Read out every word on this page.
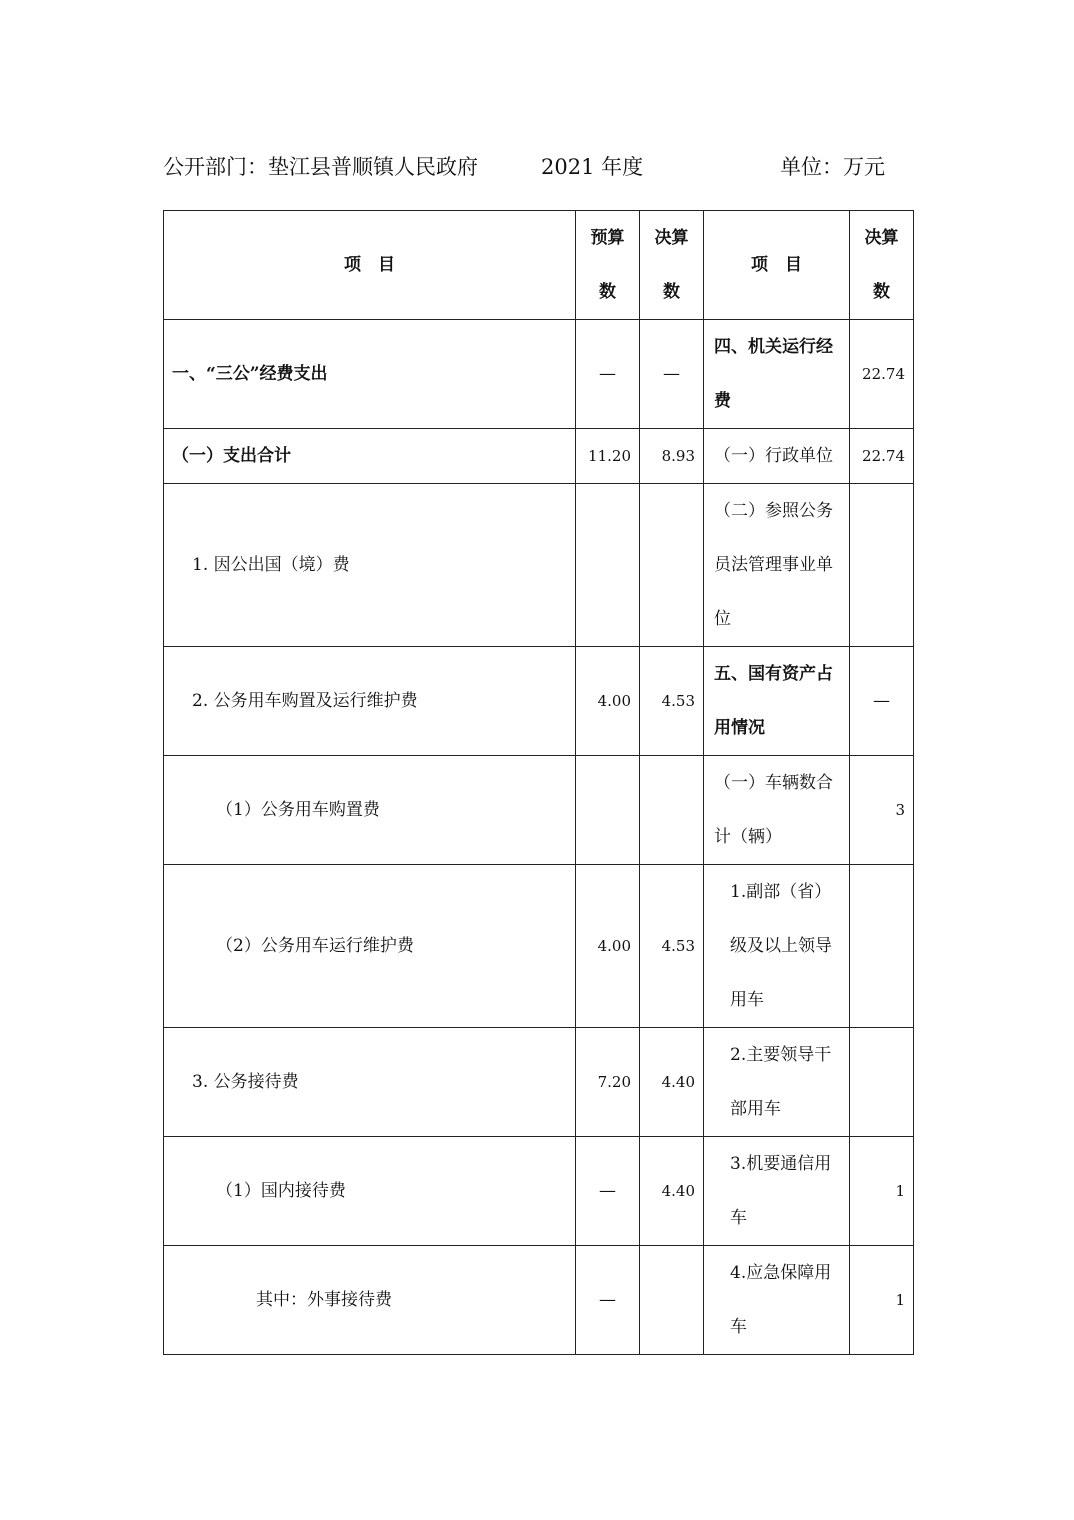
公开部门：垫江县普顺镇人民政府	2021 年度	单位：万元
项　目	预算数	决算数	项　目	决算数
一、“三公”经费支出	—	—	四、机关运行经费	22.74
（一）支出合计	11.20	8.93	（一）行政单位	22.74
1. 因公出国（境）费			（二）参照公务员法管理事业单位	
2. 公务用车购置及运行维护费	4.00	4.53	五、国有资产占用情况	—
（1）公务用车购置费			（一）车辆数合计（辆）	3
（2）公务用车运行维护费	4.00	4.53	1.副部（省）级及以上领导用车	
3. 公务接待费	7.20	4.40	2.主要领导干部用车	
（1）国内接待费	—	4.40	3.机要通信用车	1
其中：外事接待费	—		4.应急保障用车	1
